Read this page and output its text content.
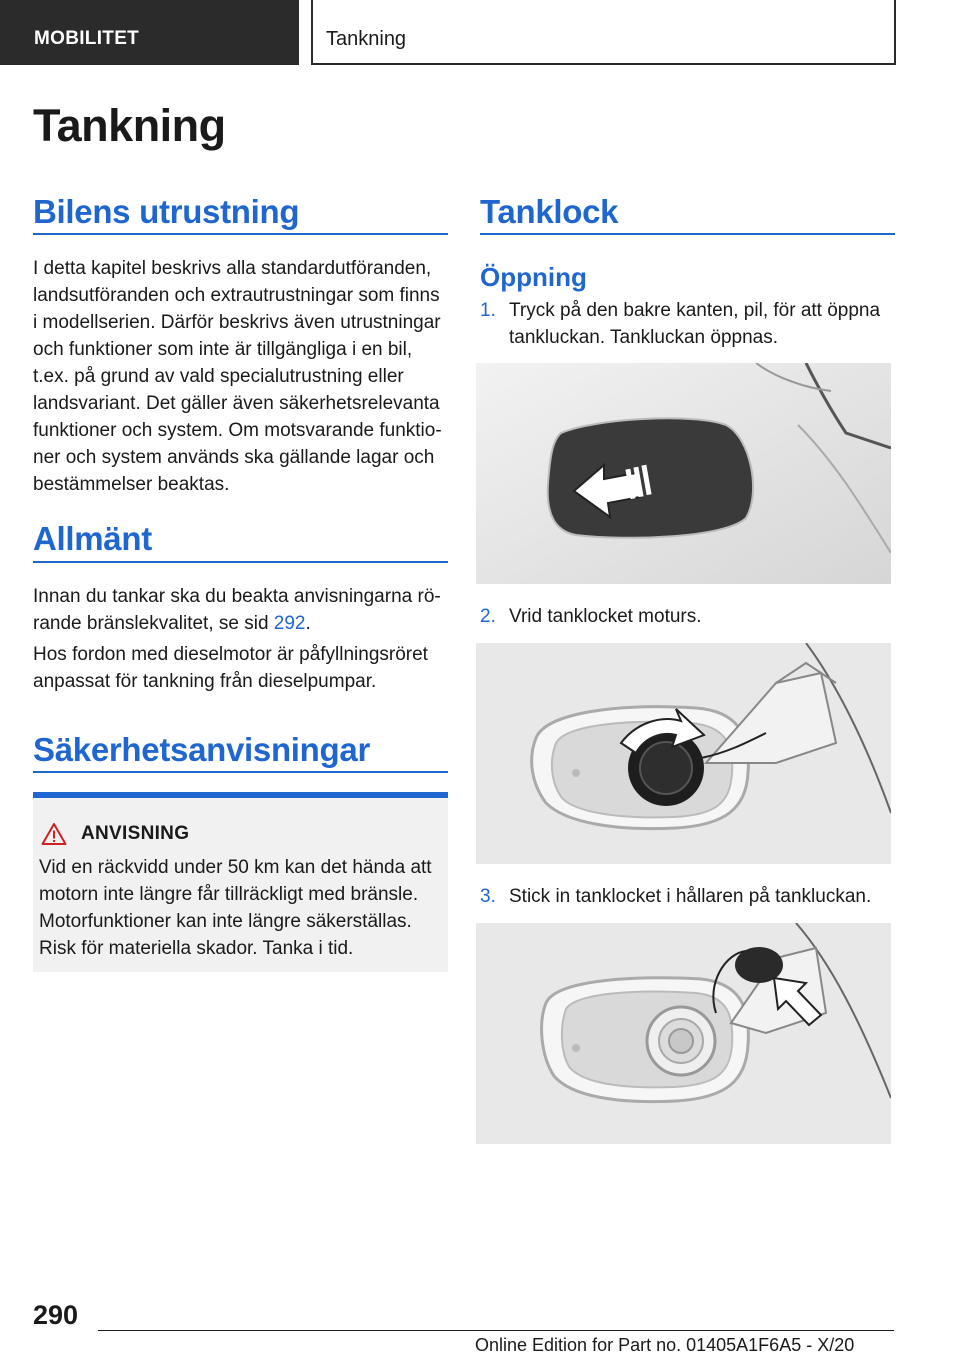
MOBILITET	Tankning
Tankning
Bilens utrustning
I detta kapitel beskrivs alla standardutföranden, landsutföranden och extrautrustningar som finns i modellserien. Därför beskrivs även utrustningar och funktioner som inte är tillgängliga i en bil, t.ex. på grund av vald specialutrustning eller landsvariant. Det gäller även säkerhetsrelevanta funktioner och system. Om motsvarande funktioner och system används ska gällande lagar och bestämmelser beaktas.
Allmänt
Innan du tankar ska du beakta anvisningarna rörande bränslekvalitet, se sid 292.
Hos fordon med dieselmotor är påfyllningsröret anpassat för tankning från dieselpumpar.
Säkerhetsanvisningar
ANVISNING
Vid en räckvidd under 50 km kan det hända att motorn inte längre får tillräckligt med bränsle. Motorfunktioner kan inte längre säkerställas. Risk för materiella skador. Tanka i tid.
Tanklock
Öppning
1. Tryck på den bakre kanten, pil, för att öppna tankluckan. Tankluckan öppnas.
2. Vrid tanklocket moturs.
3. Stick in tanklocket i hållaren på tankluckan.
290
Online Edition for Part no. 01405A1F6A5 - X/20
